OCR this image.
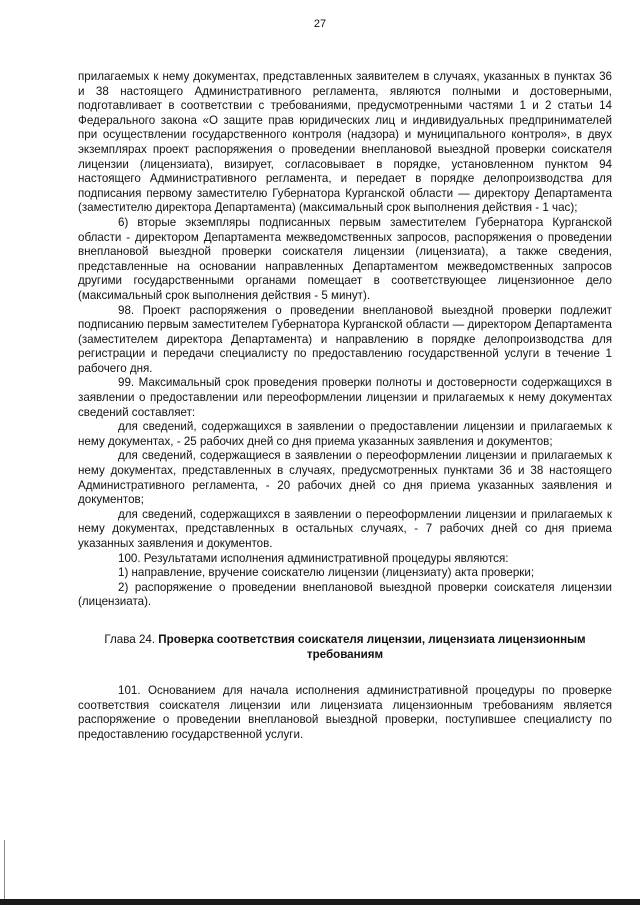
27

прилагаемых к нему документах, представленных заявителем в случаях, указанных в пунктах 36 и 38 настоящего Административного регламента, являются полными и достоверными, подготавливает в соответствии с требованиями, предусмотренными частями 1 и 2 статьи 14 Федерального закона «О защите прав юридических лиц и индивидуальных предпринимателей при осуществлении государственного контроля (надзора) и муниципального контроля», в двух экземплярах проект распоряжения о проведении внеплановой выездной проверки соискателя лицензии (лицензиата), визирует, согласовывает в порядке, установленном пунктом 94 настоящего Административного регламента, и передает в порядке делопроизводства для подписания первому заместителю Губернатора Курганской области — директору Департамента (заместителю директора Департамента) (максимальный срок выполнения действия - 1 час);

6) вторые экземпляры подписанных первым заместителем Губернатора Курганской области - директором Департамента межведомственных запросов, распоряжения о проведении внеплановой выездной проверки соискателя лицензии (лицензиата), а также сведения, представленные на основании направленных Департаментом межведомственных запросов другими государственными органами помещает в соответствующее лицензионное дело (максимальный срок выполнения действия - 5 минут).

98. Проект распоряжения о проведении внеплановой выездной проверки подлежит подписанию первым заместителем Губернатора Курганской области — директором Департамента (заместителем директора Департамента) и направлению в порядке делопроизводства для регистрации и передачи специалисту по предоставлению государственной услуги в течение 1 рабочего дня.

99. Максимальный срок проведения проверки полноты и достоверности содержащихся в заявлении о предоставлении или переоформлении лицензии и прилагаемых к нему документах сведений составляет:

для сведений, содержащихся в заявлении о предоставлении лицензии и прилагаемых к нему документах, - 25 рабочих дней со дня приема указанных заявления и документов;

для сведений, содержащиеся в заявлении о переоформлении лицензии и прилагаемых к нему документах, представленных в случаях, предусмотренных пунктами 36 и 38 настоящего Административного регламента, - 20 рабочих дней со дня приема указанных заявления и документов;

для сведений, содержащихся в заявлении о переоформлении лицензии и прилагаемых к нему документах, представленных в остальных случаях, - 7 рабочих дней со дня приема указанных заявления и документов.

100. Результатами исполнения административной процедуры являются:

1) направление, вручение соискателю лицензии (лицензиату) акта проверки;

2) распоряжение о проведении внеплановой выездной проверки соискателя лицензии (лицензиата).

Глава 24. Проверка соответствия соискателя лицензии, лицензиата лицензионным требованиям

101. Основанием для начала исполнения административной процедуры по проверке соответствия соискателя лицензии или лицензиата лицензионным требованиям является распоряжение о проведении внеплановой выездной проверки, поступившее специалисту по предоставлению государственной услуги.
